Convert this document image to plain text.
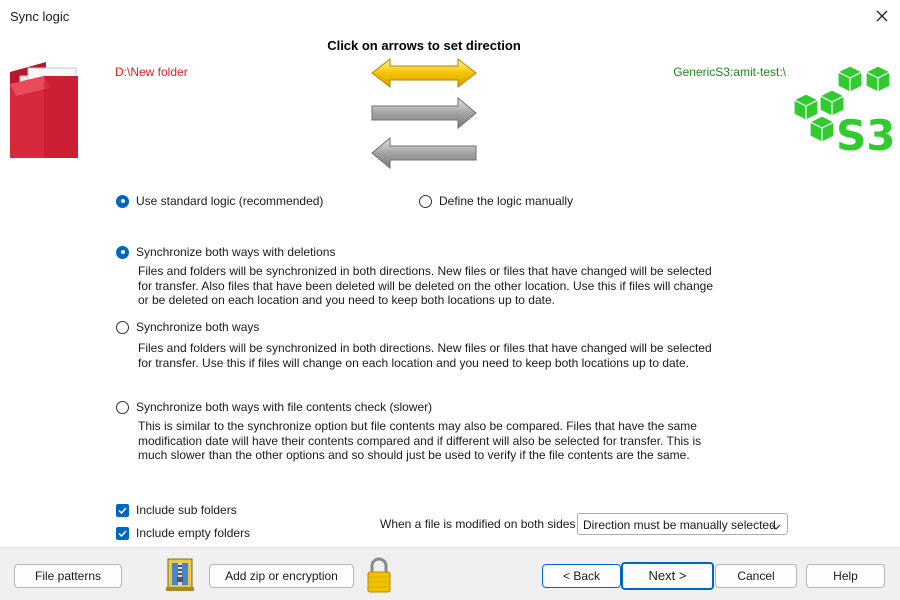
Sync logic
Click on arrows to set direction
D:\New folder	GenericS3:amit-test:\
S3
Use standard logic (recommended)	Define the logic manually
Synchronize both ways with deletions
Files and folders will be synchronized in both directions. New files or files that have changed will be selected
for transfer. Also files that have been deleted will be deleted on the other location. Use this if files will change
or be deleted on each location and you need to keep both locations up to date.
Synchronize both ways
Files and folders will be synchronized in both directions. New files or files that have changed will be selected
for transfer. Use this if files will change on each location and you need to keep both locations up to date.
Synchronize both ways with file contents check (slower)
This is similar to the synchronize option but file contents may also be compared. Files that have the same
modification date will have their contents compared and if different will also be selected for transfer. This is
much slower than the other options and so should just be used to verify if the file contents are the same.
Include sub folders
Include empty folders
When a file is modified on both sides Direction must be manually selected
File patterns	Add zip or encryption	< Back	Next >	Cancel	Help
